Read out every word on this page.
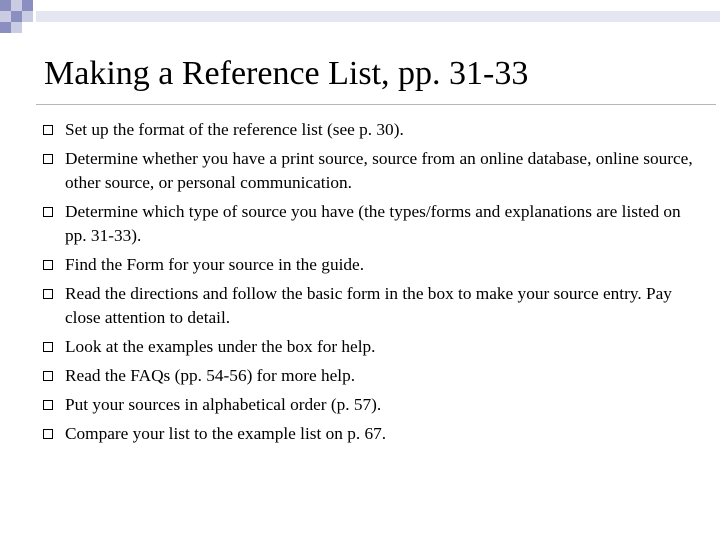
Making a Reference List, pp. 31-33
Set up the format of the reference list (see p. 30).
Determine whether you have a print source, source from an online database, online source, other source, or personal communication.
Determine which type of source you have (the types/forms and explanations are listed on pp. 31-33).
Find the Form for your source in the guide.
Read the directions and follow the basic form in the box to make your source entry. Pay close attention to detail.
Look at the examples under the box for help.
Read the FAQs (pp. 54-56) for more help.
Put your sources in alphabetical order (p. 57).
Compare your list to the example list on p. 67.
